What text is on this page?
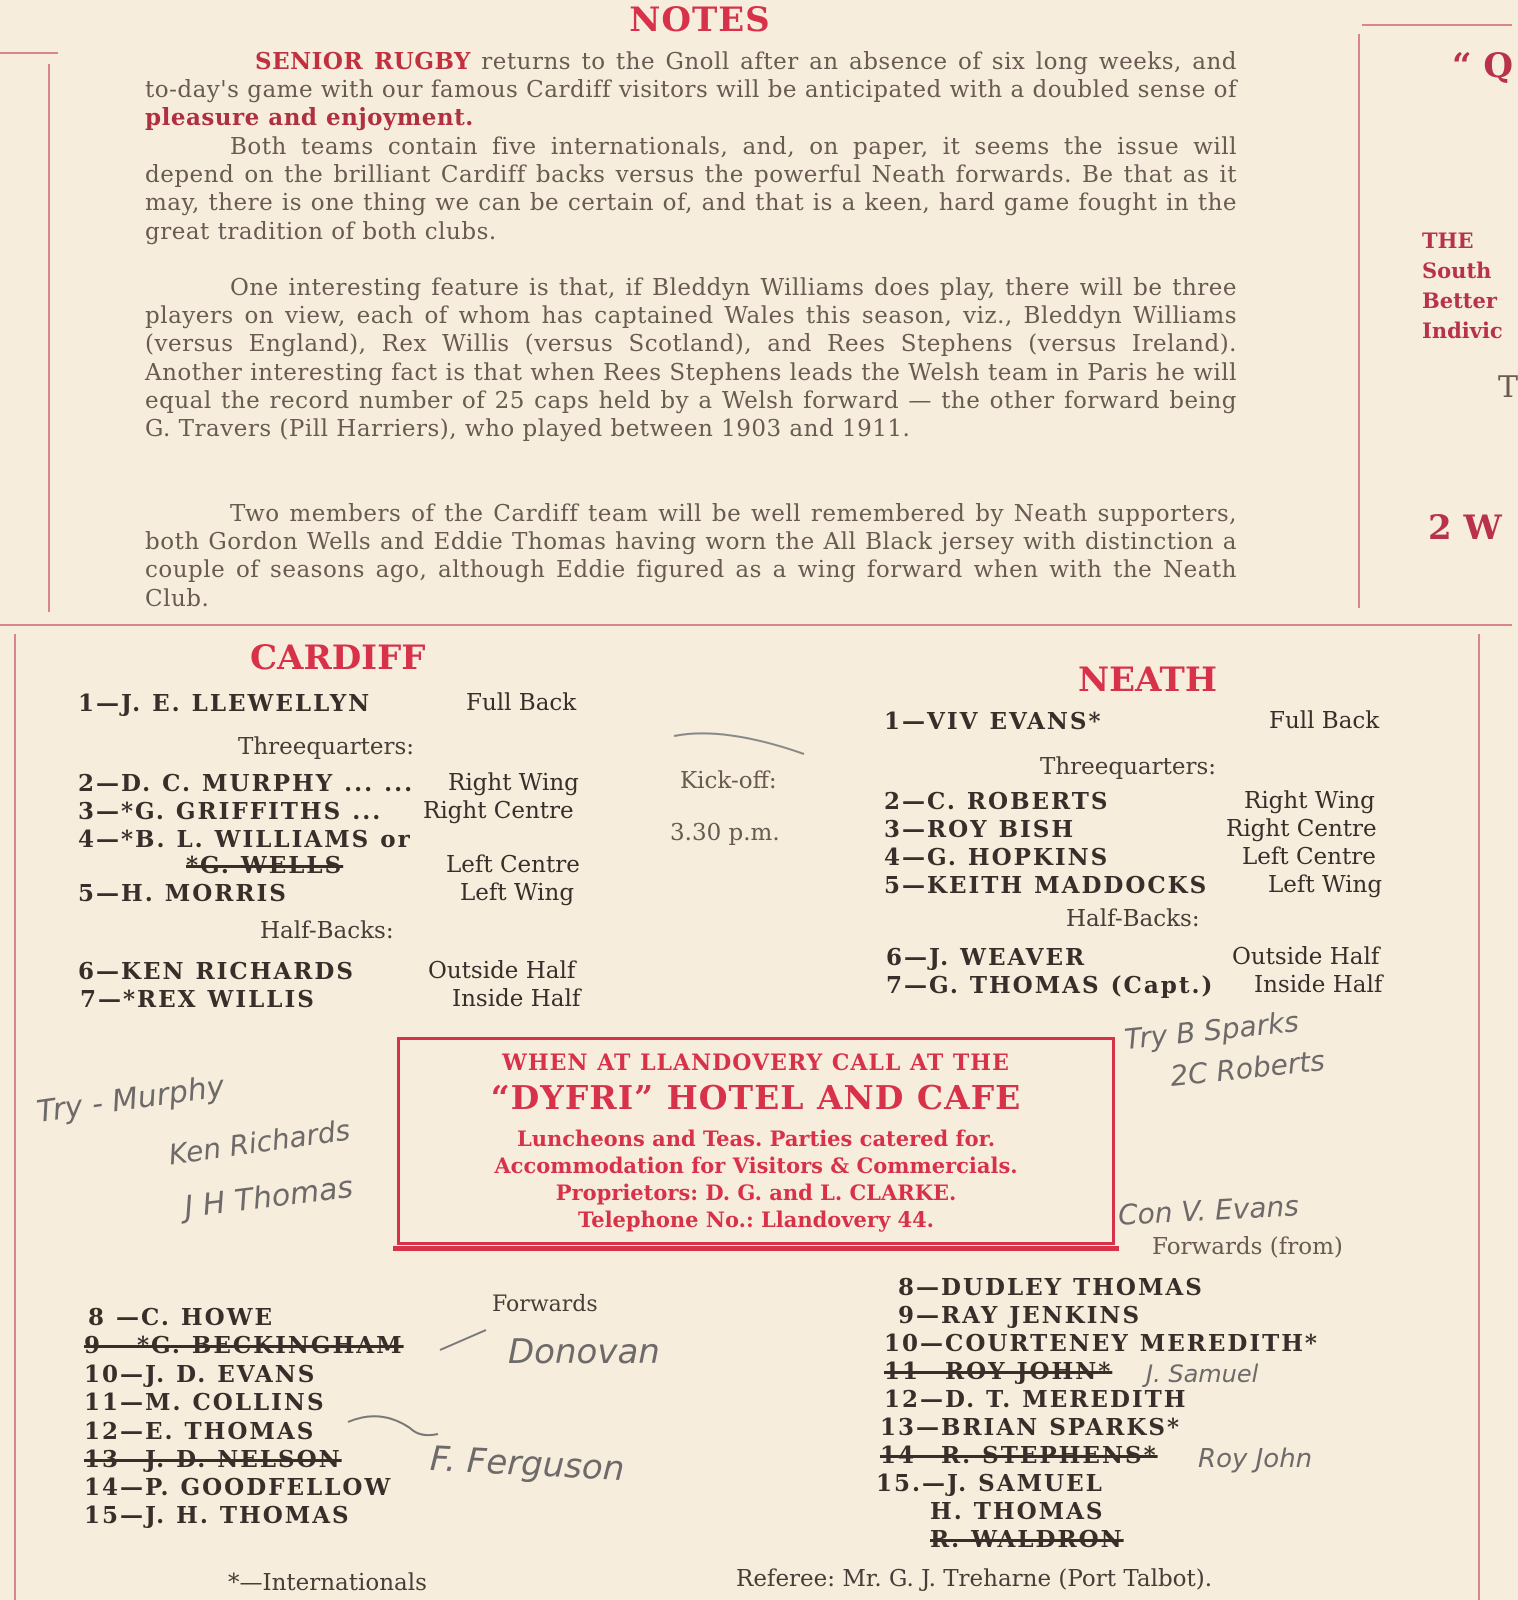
NOTES
SENIOR RUGBY returns to the Gnoll after an absence of six long weeks, and to-day's game with our famous Cardiff visitors will be anticipated with a doubled sense of pleasure and enjoyment.
Both teams contain five internationals, and, on paper, it seems the issue will depend on the brilliant Cardiff backs versus the powerful Neath forwards. Be that as it may, there is one thing we can be certain of, and that is a keen, hard game fought in the great tradition of both clubs.
One interesting feature is that, if Bleddyn Williams does play, there will be three players on view, each of whom has captained Wales this season, viz., Bleddyn Williams (versus England), Rex Willis (versus Scotland), and Rees Stephens (versus Ireland). Another interesting fact is that when Rees Stephens leads the Welsh team in Paris he will equal the record number of 25 caps held by a Welsh forward — the other forward being G. Travers (Pill Harriers), who played between 1903 and 1911.
Two members of the Cardiff team will be well remembered by Neath supporters, both Gordon Wells and Eddie Thomas having worn the All Black jersey with distinction a couple of seasons ago, although Eddie figured as a wing forward when with the Neath Club.
“ Q
THE
South
Better
Indivic
T
2 W
CARDIFF
1—J. E. LLEWELLYN	Full Back
Threequarters:
2—D. C. MURPHY ... ... Right Wing
3—*G. GRIFFITHS ... Right Centre
4—*B. L. WILLIAMS or
*G. WELLS	Left Centre
5—H. MORRIS	Left Wing
Half-Backs:
6—KEN RICHARDS	Outside Half
7—*REX WILLIS	Inside Half
Forwards
8 —C. HOWE
9 —*G. BECKINGHAM
10—J. D. EVANS
11—M. COLLINS
12—E. THOMAS
13—J. D. NELSON
14—P. GOODFELLOW
15—J. H. THOMAS
*—Internationals
Kick-off:
3.30 p.m.
NEATH
1—VIV EVANS*	Full Back
Threequarters:
2—C. ROBERTS	Right Wing
3—ROY BISH	Right Centre
4—G. HOPKINS	Left Centre
5—KEITH MADDOCKS	Left Wing
Half-Backs:
6—J. WEAVER	Outside Half
7—G. THOMAS (Capt.) Inside Half
Forwards (from)
8—DUDLEY THOMAS
9—RAY JENKINS
10—COURTENEY MEREDITH*
11—ROY JOHN*
12—D. T. MEREDITH
13—BRIAN SPARKS*
14—R. STEPHENS*
15.—J. SAMUEL
H. THOMAS
R. WALDRON
Referee: Mr. G. J. Treharne (Port Talbot).
WHEN AT LLANDOVERY CALL AT THE
“DYFRI” HOTEL AND CAFE
Luncheons and Teas. Parties catered for.
Accommodation for Visitors & Commercials.
Proprietors: D. G. and L. CLARKE.
Telephone No.: Llandovery 44.
Try - Murphy
Ken Richards
J H Thomas
Try B Sparks
2C Roberts
Con V. Evans
Donovan
F. Ferguson
J. Samuel
Roy John
